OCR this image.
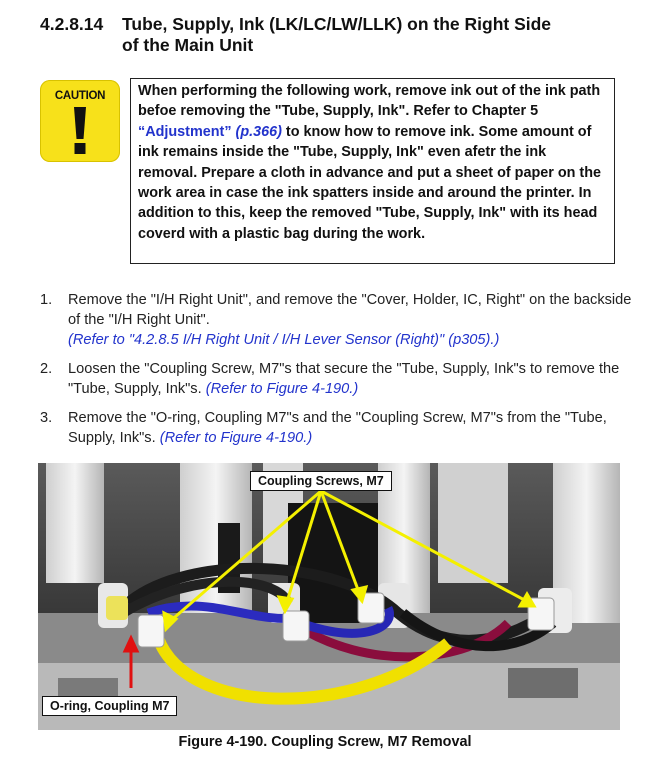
4.2.8.14 Tube, Supply, Ink (LK/LC/LW/LLK) on the Right Side
of the Main Unit
CAUTION	When performing the following work, remove ink out of the ink path befoe removing the "Tube, Supply, Ink". Refer to Chapter 5 “Adjustment” (p.366) to know how to remove ink. Some amount of ink remains inside the "Tube, Supply, Ink" even afetr the ink removal. Prepare a cloth in advance and put a sheet of paper on the work area in case the ink spatters inside and around the printer. In addition to this, keep the removed "Tube, Supply, Ink" with its head coverd with a plastic bag during the work.
1. Remove the "I/H Right Unit", and remove the "Cover, Holder, IC, Right" on the backside of the "I/H Right Unit".
(Refer to "4.2.8.5 I/H Right Unit / I/H Lever Sensor (Right)" (p305).)
2. Loosen the "Coupling Screw, M7"s that secure the "Tube, Supply, Ink"s to remove the "Tube, Supply, Ink"s. (Refer to Figure 4-190.)
3. Remove the "O-ring, Coupling M7"s and the "Coupling Screw, M7"s from the "Tube, Supply, Ink"s. (Refer to Figure 4-190.)
Coupling Screws, M7
O-ring, Coupling M7
Figure 4-190. Coupling Screw, M7 Removal
